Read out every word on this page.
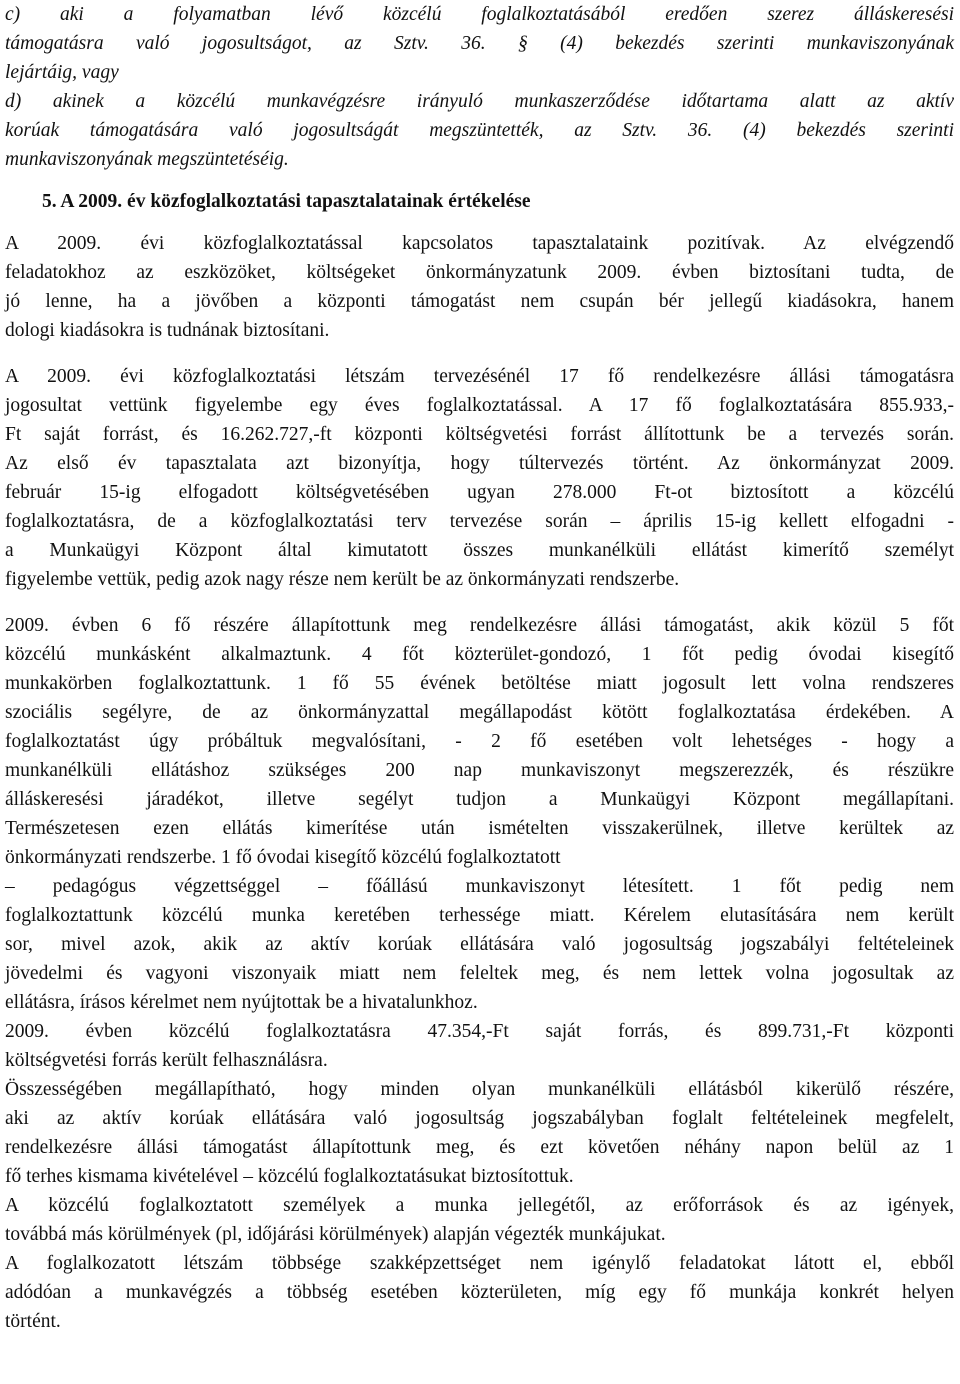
c) aki a folyamatban lévő közcélú foglalkoztatásából eredően szerez álláskeresési
támogatásra való jogosultságot, az Sztv. 36. § (4) bekezdés szerinti munkaviszonyának
lejártáig, vagy
d) akinek a közcélú munkavégzésre irányuló munkaszerződése időtartama alatt az aktív
korúak támogatására való jogosultságát megszüntették, az Sztv. 36. (4) bekezdés szerinti
munkaviszonyának megszüntetéséig.
5. A 2009. év közfoglalkoztatási tapasztalatainak értékelése
A 2009. évi közfoglalkoztatással kapcsolatos tapasztalataink pozitívak. Az elvégzendő
feladatokhoz az eszközöket, költségeket önkormányzatunk 2009. évben biztosítani tudta, de
jó lenne, ha a jövőben a központi támogatást nem csupán bér jellegű kiadásokra, hanem
dologi kiadásokra is tudnának biztosítani.
A 2009. évi közfoglalkoztatási létszám tervezésénél 17 fő rendelkezésre állási támogatásra
jogosultat vettünk figyelembe egy éves foglalkoztatással. A 17 fő foglalkoztatására 855.933,-
Ft saját forrást, és 16.262.727,-ft központi költségvetési forrást állítottunk be a tervezés során.
Az első év tapasztalata azt bizonyítja, hogy túltervezés történt. Az önkormányzat 2009.
február 15-ig elfogadott költségvetésében ugyan 278.000 Ft-ot biztosított a közcélú
foglalkoztatásra, de a közfoglalkoztatási terv tervezése során – április 15-ig kellett elfogadni -
a Munkaügyi Központ által kimutatott összes munkanélküli ellátást kimerítő személyt
figyelembe vettük, pedig azok nagy része nem került be az önkormányzati rendszerbe.
2009. évben 6 fő részére állapítottunk meg rendelkezésre állási támogatást, akik közül 5 főt
közcélú munkásként alkalmaztunk. 4 főt közterület-gondozó, 1 főt pedig óvodai kisegítő
munkakörben foglalkoztattunk. 1 fő 55 évének betöltése miatt jogosult lett volna rendszeres
szociális segélyre, de az önkormányzattal megállapodást kötött foglalkoztatása érdekében. A
foglalkoztatást úgy próbáltuk megvalósítani, - 2 fő esetében volt lehetséges - hogy a
munkanélküli ellátáshoz szükséges 200 nap munkaviszonyt megszerezzék, és részükre
álláskeresési járadékot, illetve segélyt tudjon a Munkaügyi Központ megállapítani.
Természetesen ezen ellátás kimerítése után ismételten visszakerülnek, illetve kerültek az
önkormányzati rendszerbe. 1 fő óvodai kisegítő közcélú foglalkoztatott
– pedagógus végzettséggel – főállású munkaviszonyt létesített. 1 főt pedig nem
foglalkoztattunk közcélú munka keretében terhessége miatt. Kérelem elutasítására nem került
sor, mivel azok, akik az aktív korúak ellátására való jogosultság jogszabályi feltételeinek
jövedelmi és vagyoni viszonyaik miatt nem feleltek meg, és nem lettek volna jogosultak az
ellátásra, írásos kérelmet nem nyújtottak be a hivatalunkhoz.
2009. évben közcélú foglalkoztatásra 47.354,-Ft saját forrás, és 899.731,-Ft központi
költségvetési forrás került felhasználásra.
Összességében megállapítható, hogy minden olyan munkanélküli ellátásból kikerülő részére,
aki az aktív korúak ellátására való jogosultság jogszabályban foglalt feltételeinek megfelelt,
rendelkezésre állási támogatást állapítottunk meg, és ezt követően néhány napon belül az 1
fő terhes kismama kivételével – közcélú foglalkoztatásukat biztosítottuk.
A közcélú foglalkoztatott személyek a munka jellegétől, az erőforrások és az igények,
továbbá más körülmények (pl, időjárási körülmények) alapján végezték munkájukat.
A foglalkozatott létszám többsége szakképzettséget nem igénylő feladatokat látott el, ebből
adódóan a munkavégzés a többség esetében közterületen, míg egy fő munkája konkrét helyen
történt.
